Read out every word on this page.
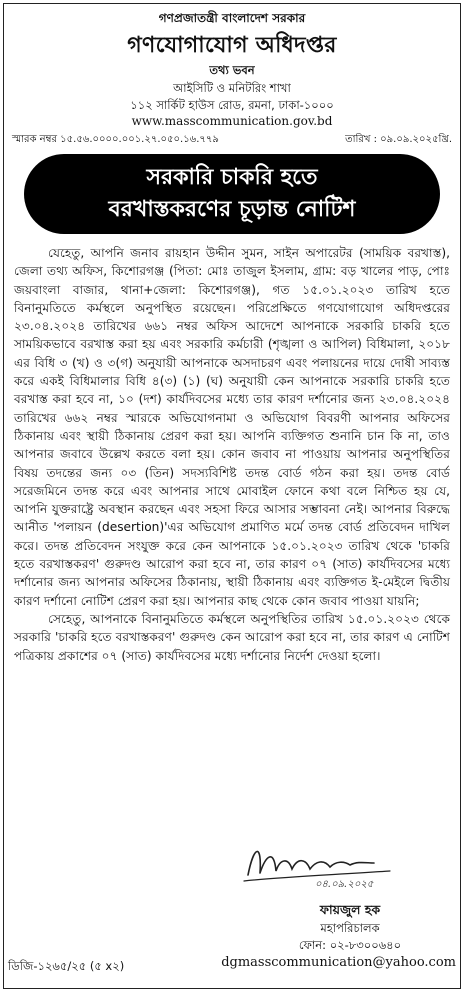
গণপ্রজাতন্ত্রী বাংলাদেশ সরকার
গণযোগাযোগ অধিদপ্তর
তথ্য ভবন
আইসিটি ও মনিটরিং শাখা
১১২ সার্কিট হাউস রোড, রমনা, ঢাকা-১০০০
www.masscommunication.gov.bd
স্মারক নম্বর ১৫.৫৬.০০০০.০০১.২৭.০৫০.১৬.৭৭৯	তারিখ : ০৯.০৯.২০২৫খ্রি.
সরকারি চাকরি হতে
বরখাস্তকরণের চূড়ান্ত নোটিশ

যেহেতু, আপনি জনাব রায়হান উদ্দীন সুমন, সাইন অপারেটর (সাময়িক বরখাস্ত), জেলা তথ্য অফিস, কিশোরগঞ্জ (পিতা: মোঃ তাজুল ইসলাম, গ্রাম: বড় খালের পাড়, পোঃ জয়বাংলা বাজার, থানা+জেলা: কিশোরগঞ্জ), গত ১৫.০১.২০২৩ তারিখ হতে বিনানুমতিতে কর্মস্থলে অনুপস্থিত রয়েছেন। পরিপ্রেক্ষিতে গণযোগাযোগ অধিদপ্তরের ২৩.০৪.২০২৪ তারিখের ৬৬১ নম্বর অফিস আদেশে আপনাকে সরকারি চাকরি হতে সাময়িকভাবে বরখাস্ত করা হয় এবং সরকারি কর্মচারী (শৃঙ্খলা ও আপিল) বিধিমালা, ২০১৮ এর বিধি ৩ (খ) ও ৩(গ) অনুযায়ী আপনাকে অসদাচরণ এবং পলায়নের দায়ে দোষী সাব্যস্ত করে একই বিধিমালার বিধি ৪(৩) (১) (ঘ) অনুযায়ী কেন আপনাকে সরকারি চাকরি হতে বরখাস্ত করা হবে না, ১০ (দশ) কার্যদিবসের মধ্যে তার কারণ দর্শানোর জন্য ২৩.০৪.২০২৪ তারিখের ৬৬২ নম্বর স্মারকে অভিযোগনামা ও অভিযোগ বিবরণী আপনার অফিসের ঠিকানায় এবং স্থায়ী ঠিকানায় প্রেরণ করা হয়। আপনি ব্যক্তিগত শুনানি চান কি না, তাও আপনার জবাবে উল্লেখ করতে বলা হয়। কোন জবাব না পাওয়ায় আপনার অনুপস্থিতির বিষয় তদন্তের জন্য ০৩ (তিন) সদস্যবিশিষ্ট তদন্ত বোর্ড গঠন করা হয়। তদন্ত বোর্ড সরেজমিনে তদন্ত করে এবং আপনার সাথে মোবাইল ফোনে কথা বলে নিশ্চিত হয় যে, আপনি যুক্তরাষ্ট্রে অবস্থান করছেন এবং সহসা ফিরে আসার সম্ভাবনা নেই। আপনার বিরুদ্ধে আনীত 'পলায়ন (desertion)'এর অভিযোগ প্রমাণিত মর্মে তদন্ত বোর্ড প্রতিবেদন দাখিল করে। তদন্ত প্রতিবেদন সংযুক্ত করে কেন আপনাকে ১৫.০১.২০২৩ তারিখ থেকে 'চাকরি হতে বরখাস্তকরণ' গুরুদণ্ড আরোপ করা হবে না, তার কারণ ০৭ (সাত) কার্যদিবসের মধ্যে দর্শানোর জন্য আপনার অফিসের ঠিকানায়, স্থায়ী ঠিকানায় এবং ব্যক্তিগত ই-মেইলে দ্বিতীয় কারণ দর্শানো নোটিশ প্রেরণ করা হয়। আপনার কাছ থেকে কোন জবাব পাওয়া যায়নি;

সেহেতু, আপনাকে বিনানুমতিতে কর্মস্থলে অনুপস্থিতির তারিখ ১৫.০১.২০২৩ থেকে সরকারি 'চাকরি হতে বরখাস্তকরণ' গুরুদণ্ড কেন আরোপ করা হবে না, তার কারণ এ নোটিশ পত্রিকায় প্রকাশের ০৭ (সাত) কার্যদিবসের মধ্যে দর্শানোর নির্দেশ দেওয়া হলো।

০৪.০৯.২০২৫
ফায়জুল হক
মহাপরিচালক
ফোন: ০২-৮৩০০৬৪০
ডিজি-১২৬৫/২৫ (৫ x২)	dgmasscommunication@yahoo.com
